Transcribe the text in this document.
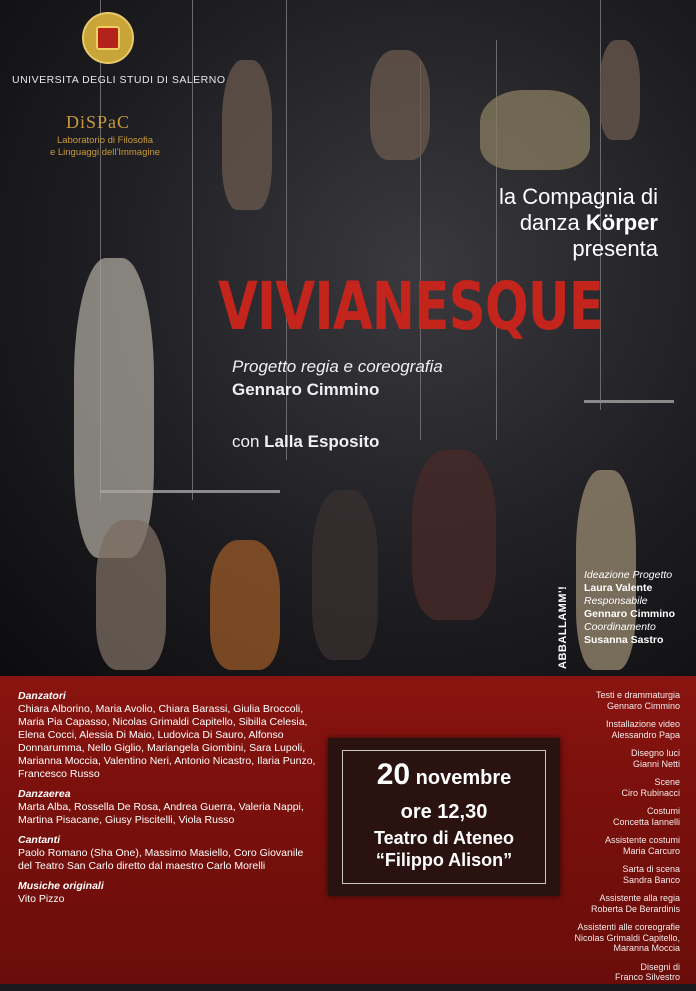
UNIVERSITA DEGLI STUDI DI SALERNO
DiSPaC
Laboratorio di Filosofia
e Linguaggi dell'Immagine
la Compagnia di
danza Körper
presenta
VIVIANESQUE
Progetto regia e coreografia
Gennaro Cimmino
con Lalla Esposito
ABBALLAMM'!
Ideazione Progetto
Laura Valente
Responsabile
Gennaro Cimmino
Coordinamento
Susanna Sastro
Danzatori
Chiara Alborino, Maria Avolio, Chiara Barassi, Giulia Broccoli, Maria Pia Capasso, Nicolas Grimaldi Capitello, Sibilla Celesia, Elena Cocci, Alessia Di Maio, Ludovica Di Sauro, Alfonso Donnarumma, Nello Giglio, Mariangela Giombini, Sara Lupoli, Marianna Moccia, Valentino Neri, Antonio Nicastro, Ilaria Punzo, Francesco Russo
Danzaerea
Marta Alba, Rossella De Rosa, Andrea Guerra, Valeria Nappi, Martina Pisacane, Giusy Piscitelli, Viola Russo
Cantanti
Paolo Romano (Sha One), Massimo Masiello, Coro Giovanile del Teatro San Carlo diretto dal maestro Carlo Morelli
Musiche originali
Vito Pizzo
20 novembre
ore 12,30
Teatro di Ateneo
“Filippo Alison”
Testi e drammaturgia
Gennaro Cimmino
Installazione video
Alessandro Papa
Disegno luci
Gianni Netti
Scene
Ciro Rubinacci
Costumi
Concetta Iannelli
Assistente costumi
Maria Carcuro
Sarta di scena
Sandra Banco
Assistente alla regia
Roberta De Berardinis
Assistenti alle coreografie
Nicolas Grimaldi Capitello, Maranna Moccia
Disegni di
Franco Silvestro
